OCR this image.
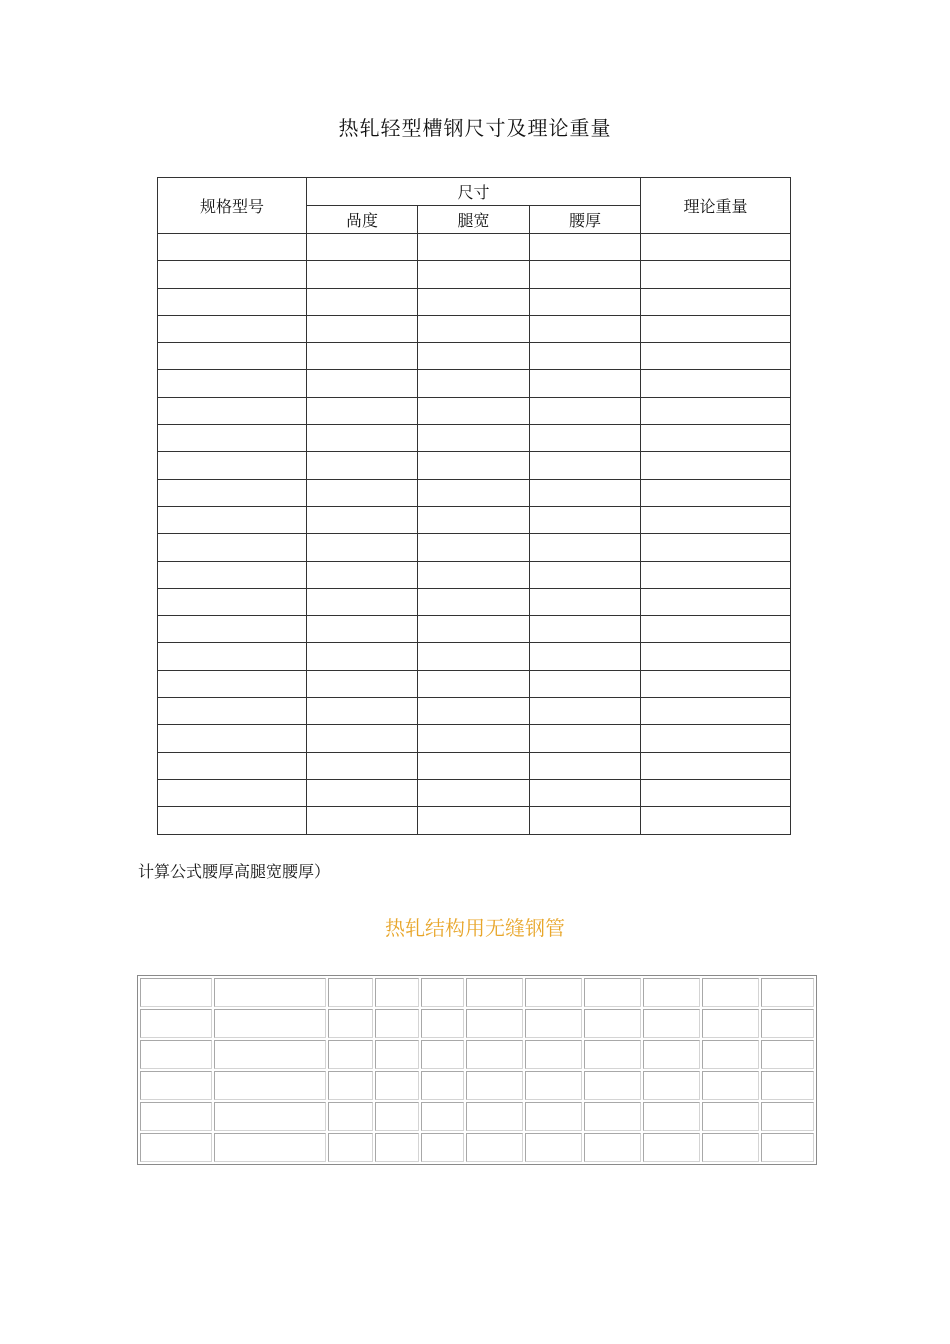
热轧轻型槽钢尺寸及理论重量
规格型号	尺寸			理论重量
	咼度	腿宽	腰厚	

计算公式腰厚高腿宽腰厚）
热轧结构用无缝钢管
